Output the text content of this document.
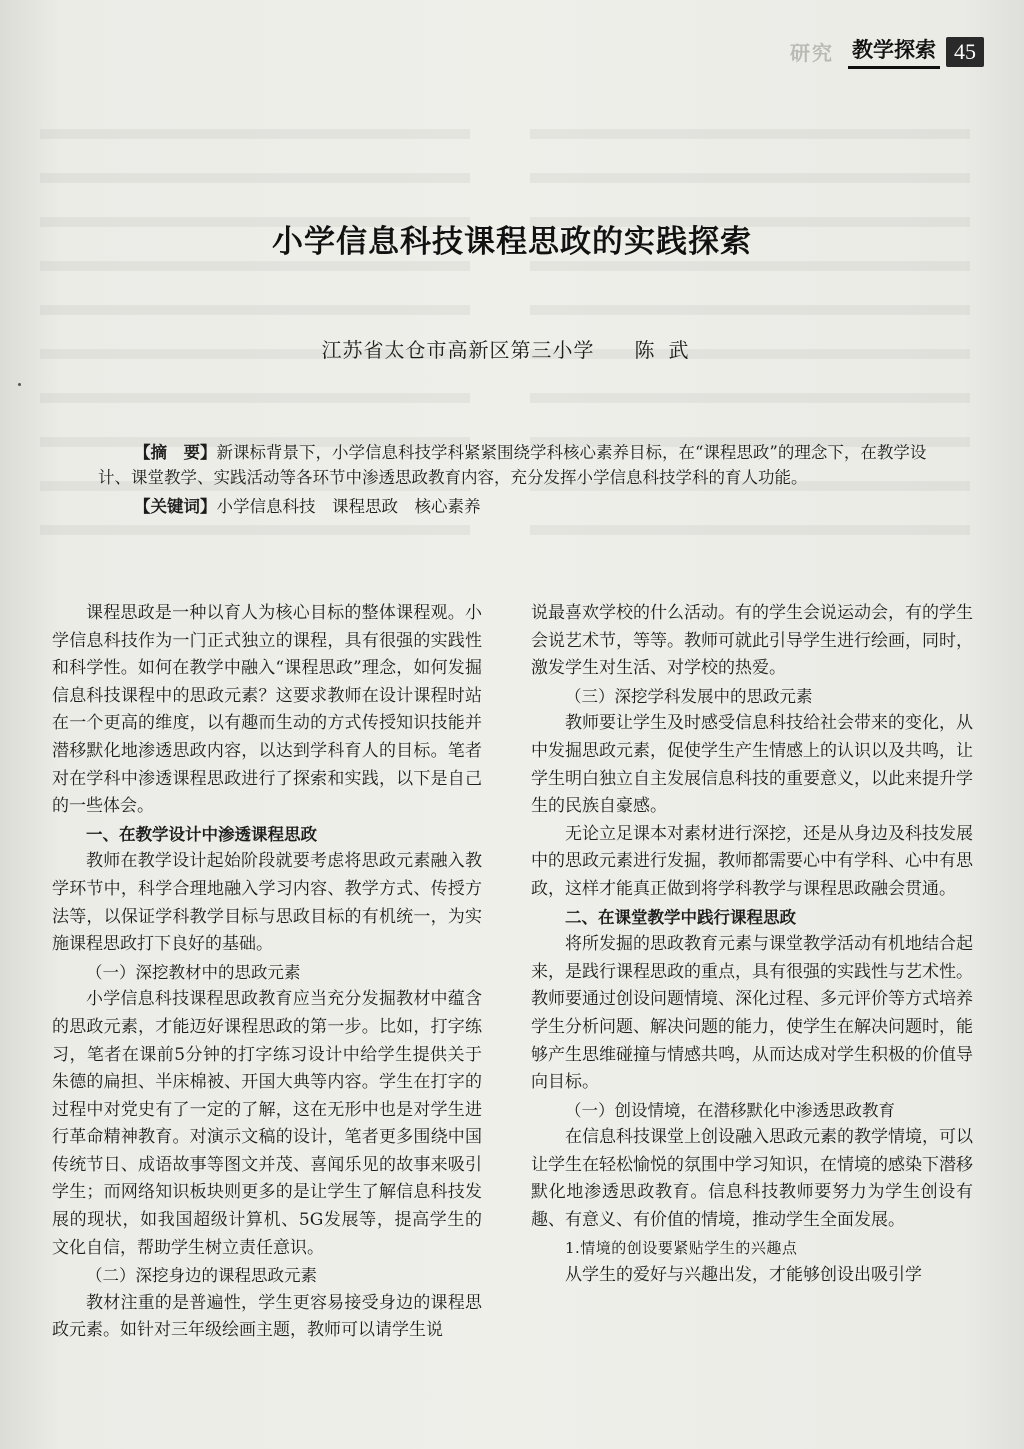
研究 教学探索 45
小学信息科技课程思政的实践探索
江苏省太仓市高新区第三小学 陈武

【摘　要】新课标背景下，小学信息科技学科紧紧围绕学科核心素养目标，在“课程思政”的理念下，在教学设计、课堂教学、实践活动等各环节中渗透思政教育内容，充分发挥小学信息科技学科的育人功能。

【关键词】小学信息科技　课程思政　核心素养

课程思政是一种以育人为核心目标的整体课程观。小学信息科技作为一门正式独立的课程，具有很强的实践性和科学性。如何在教学中融入“课程思政”理念，如何发掘信息科技课程中的思政元素？这要求教师在设计课程时站在一个更高的维度，以有趣而生动的方式传授知识技能并潜移默化地渗透思政内容，以达到学科育人的目标。笔者对在学科中渗透课程思政进行了探索和实践，以下是自己的一些体会。

一、在教学设计中渗透课程思政

教师在教学设计起始阶段就要考虑将思政元素融入教学环节中，科学合理地融入学习内容、教学方式、传授方法等，以保证学科教学目标与思政目标的有机统一，为实施课程思政打下良好的基础。

（一）深挖教材中的思政元素

小学信息科技课程思政教育应当充分发掘教材中蕴含的思政元素，才能迈好课程思政的第一步。比如，打字练习，笔者在课前5分钟的打字练习设计中给学生提供关于朱德的扁担、半床棉被、开国大典等内容。学生在打字的过程中对党史有了一定的了解，这在无形中也是对学生进行革命精神教育。对演示文稿的设计，笔者更多围绕中国传统节日、成语故事等图文并茂、喜闻乐见的故事来吸引学生；而网络知识板块则更多的是让学生了解信息科技发展的现状，如我国超级计算机、5G发展等，提高学生的文化自信，帮助学生树立责任意识。

（二）深挖身边的课程思政元素

教材注重的是普遍性，学生更容易接受身边的课程思政元素。如针对三年级绘画主题，教师可以请学生说

说最喜欢学校的什么活动。有的学生会说运动会，有的学生会说艺术节，等等。教师可就此引导学生进行绘画，同时，激发学生对生活、对学校的热爱。

（三）深挖学科发展中的思政元素

教师要让学生及时感受信息科技给社会带来的变化，从中发掘思政元素，促使学生产生情感上的认识以及共鸣，让学生明白独立自主发展信息科技的重要意义，以此来提升学生的民族自豪感。

无论立足课本对素材进行深挖，还是从身边及科技发展中的思政元素进行发掘，教师都需要心中有学科、心中有思政，这样才能真正做到将学科教学与课程思政融会贯通。

二、在课堂教学中践行课程思政

将所发掘的思政教育元素与课堂教学活动有机地结合起来，是践行课程思政的重点，具有很强的实践性与艺术性。教师要通过创设问题情境、深化过程、多元评价等方式培养学生分析问题、解决问题的能力，使学生在解决问题时，能够产生思维碰撞与情感共鸣，从而达成对学生积极的价值导向目标。

（一）创设情境，在潜移默化中渗透思政教育

在信息科技课堂上创设融入思政元素的教学情境，可以让学生在轻松愉悦的氛围中学习知识，在情境的感染下潜移默化地渗透思政教育。信息科技教师要努力为学生创设有趣、有意义、有价值的情境，推动学生全面发展。

1.情境的创设要紧贴学生的兴趣点

从学生的爱好与兴趣出发，才能够创设出吸引学
